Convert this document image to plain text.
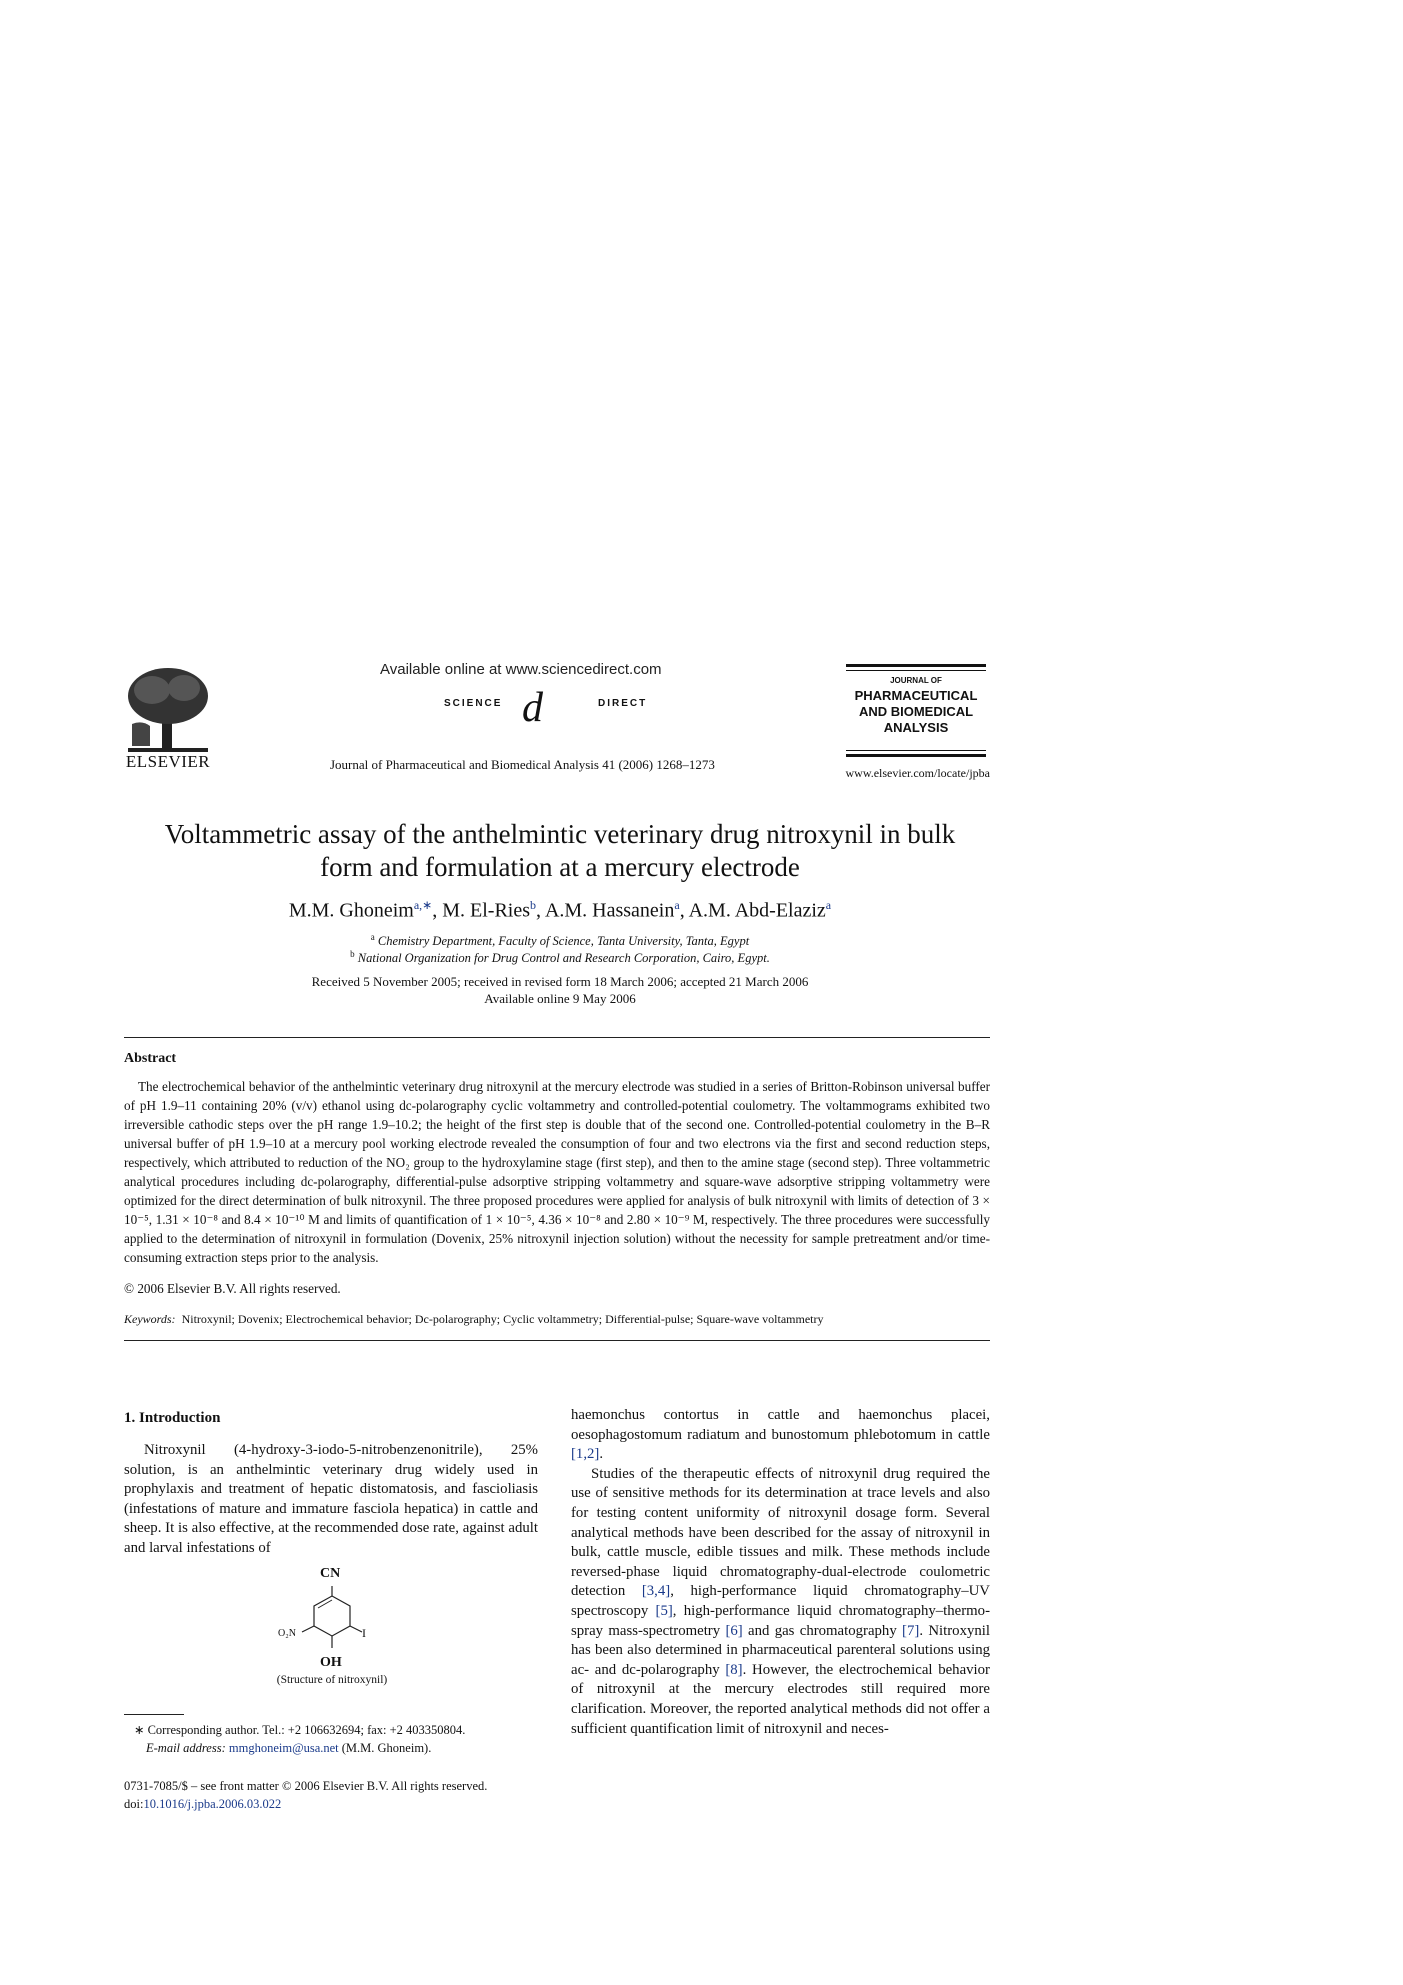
ELSEVIER
Available online at www.sciencedirect.com
SCIENCE d	DIRECT
Journal of Pharmaceutical and Biomedical Analysis 41 (2006) 1268–1273
JOURNAL OF
PHARMACEUTICAL
AND BIOMEDICAL
ANALYSIS
www.elsevier.com/locate/jpba
Voltammetric assay of the anthelmintic veterinary drug nitroxynil in bulk
form and formulation at a mercury electrode
M.M. Ghoneim$^{a,∗}$, M. El-Ries$^b$, A.M. Hassanein$^a$, A.M. Abd-Elaziz$^a$
$^a$ Chemistry Department, Faculty of Science, Tanta University, Tanta, Egypt
$^b$ National Organization for Drug Control and Research Corporation, Cairo, Egypt.
Received 5 November 2005; received in revised form 18 March 2006; accepted 21 March 2006
Available online 9 May 2006
Abstract

The electrochemical behavior of the anthelmintic veterinary drug nitroxynil at the mercury electrode was studied in a series of Britton-Robinson universal buffer of pH 1.9–11 containing 20% (v/v) ethanol using dc-polarography cyclic voltammetry and controlled-potential coulometry. The voltammograms exhibited two irreversible cathodic steps over the pH range 1.9–10.2; the height of the first step is double that of the second one. Controlled-potential coulometry in the B–R universal buffer of pH 1.9–10 at a mercury pool working electrode revealed the consumption of four and two electrons via the first and second reduction steps, respectively, which attributed to reduction of the NO₂ group to the hydroxylamine stage (first step), and then to the amine stage (second step). Three voltammetric analytical procedures including dc-polarography, differential-pulse adsorptive stripping voltammetry and square-wave adsorptive stripping voltammetry were optimized for the direct determination of bulk nitroxynil. The three proposed procedures were applied for analysis of bulk nitroxynil with limits of detection of 3 × 10⁻⁵, 1.31 × 10⁻⁸ and 8.4 × 10⁻¹⁰ M and limits of quantification of 1 × 10⁻⁵, 4.36 × 10⁻⁸ and 2.80 × 10⁻⁹ M, respectively. The three procedures were successfully applied to the determination of nitroxynil in formulation (Dovenix, 25% nitroxynil injection solution) without the necessity for sample pretreatment and/or time-consuming extraction steps prior to the analysis.

© 2006 Elsevier B.V. All rights reserved.
Keywords: Nitroxynil; Dovenix; Electrochemical behavior; Dc-polarography; Cyclic voltammetry; Differential-pulse; Square-wave voltammetry
1. Introduction

Nitroxynil (4-hydroxy-3-iodo-5-nitrobenzenonitrile), 25% solution, is an anthelmintic veterinary drug widely used in prophylaxis and treatment of hepatic distomatosis, and fascioliasis (infestations of mature and immature fasciola hepatica) in cattle and sheep. It is also effective, at the recommended dose rate, against adult and larval infestations of

CN
O₂N	I
OH
(Structure of nitroxynil)

haemonchus contortus in cattle and haemonchus placei, oesophagostomum radiatum and bunostomum phlebotomum in cattle [1,2].

Studies of the therapeutic effects of nitroxynil drug required the use of sensitive methods for its determination at trace levels and also for testing content uniformity of nitroxynil dosage form. Several analytical methods have been described for the assay of nitroxynil in bulk, cattle muscle, edible tissues and milk. These methods include reversed-phase liquid chromatography-dual-electrode coulometric detection [3,4], high-performance liquid chromatography–UV spectroscopy [5], high-performance liquid chromatography–thermo-spray mass-spectrometry [6] and gas chromatography [7]. Nitroxynil has been also determined in pharmaceutical parenteral solutions using ac- and dc-polarography [8]. However, the electrochemical behavior of nitroxynil at the mercury electrodes still required more clarification. Moreover, the reported analytical methods did not offer a sufficient quantification limit of nitroxynil and neces-

∗ Corresponding author. Tel.: +2 106632694; fax: +2 403350804.
E-mail address: mmghoneim@usa.net (M.M. Ghoneim).
0731-7085/$ – see front matter © 2006 Elsevier B.V. All rights reserved.
doi:10.1016/j.jpba.2006.03.022
